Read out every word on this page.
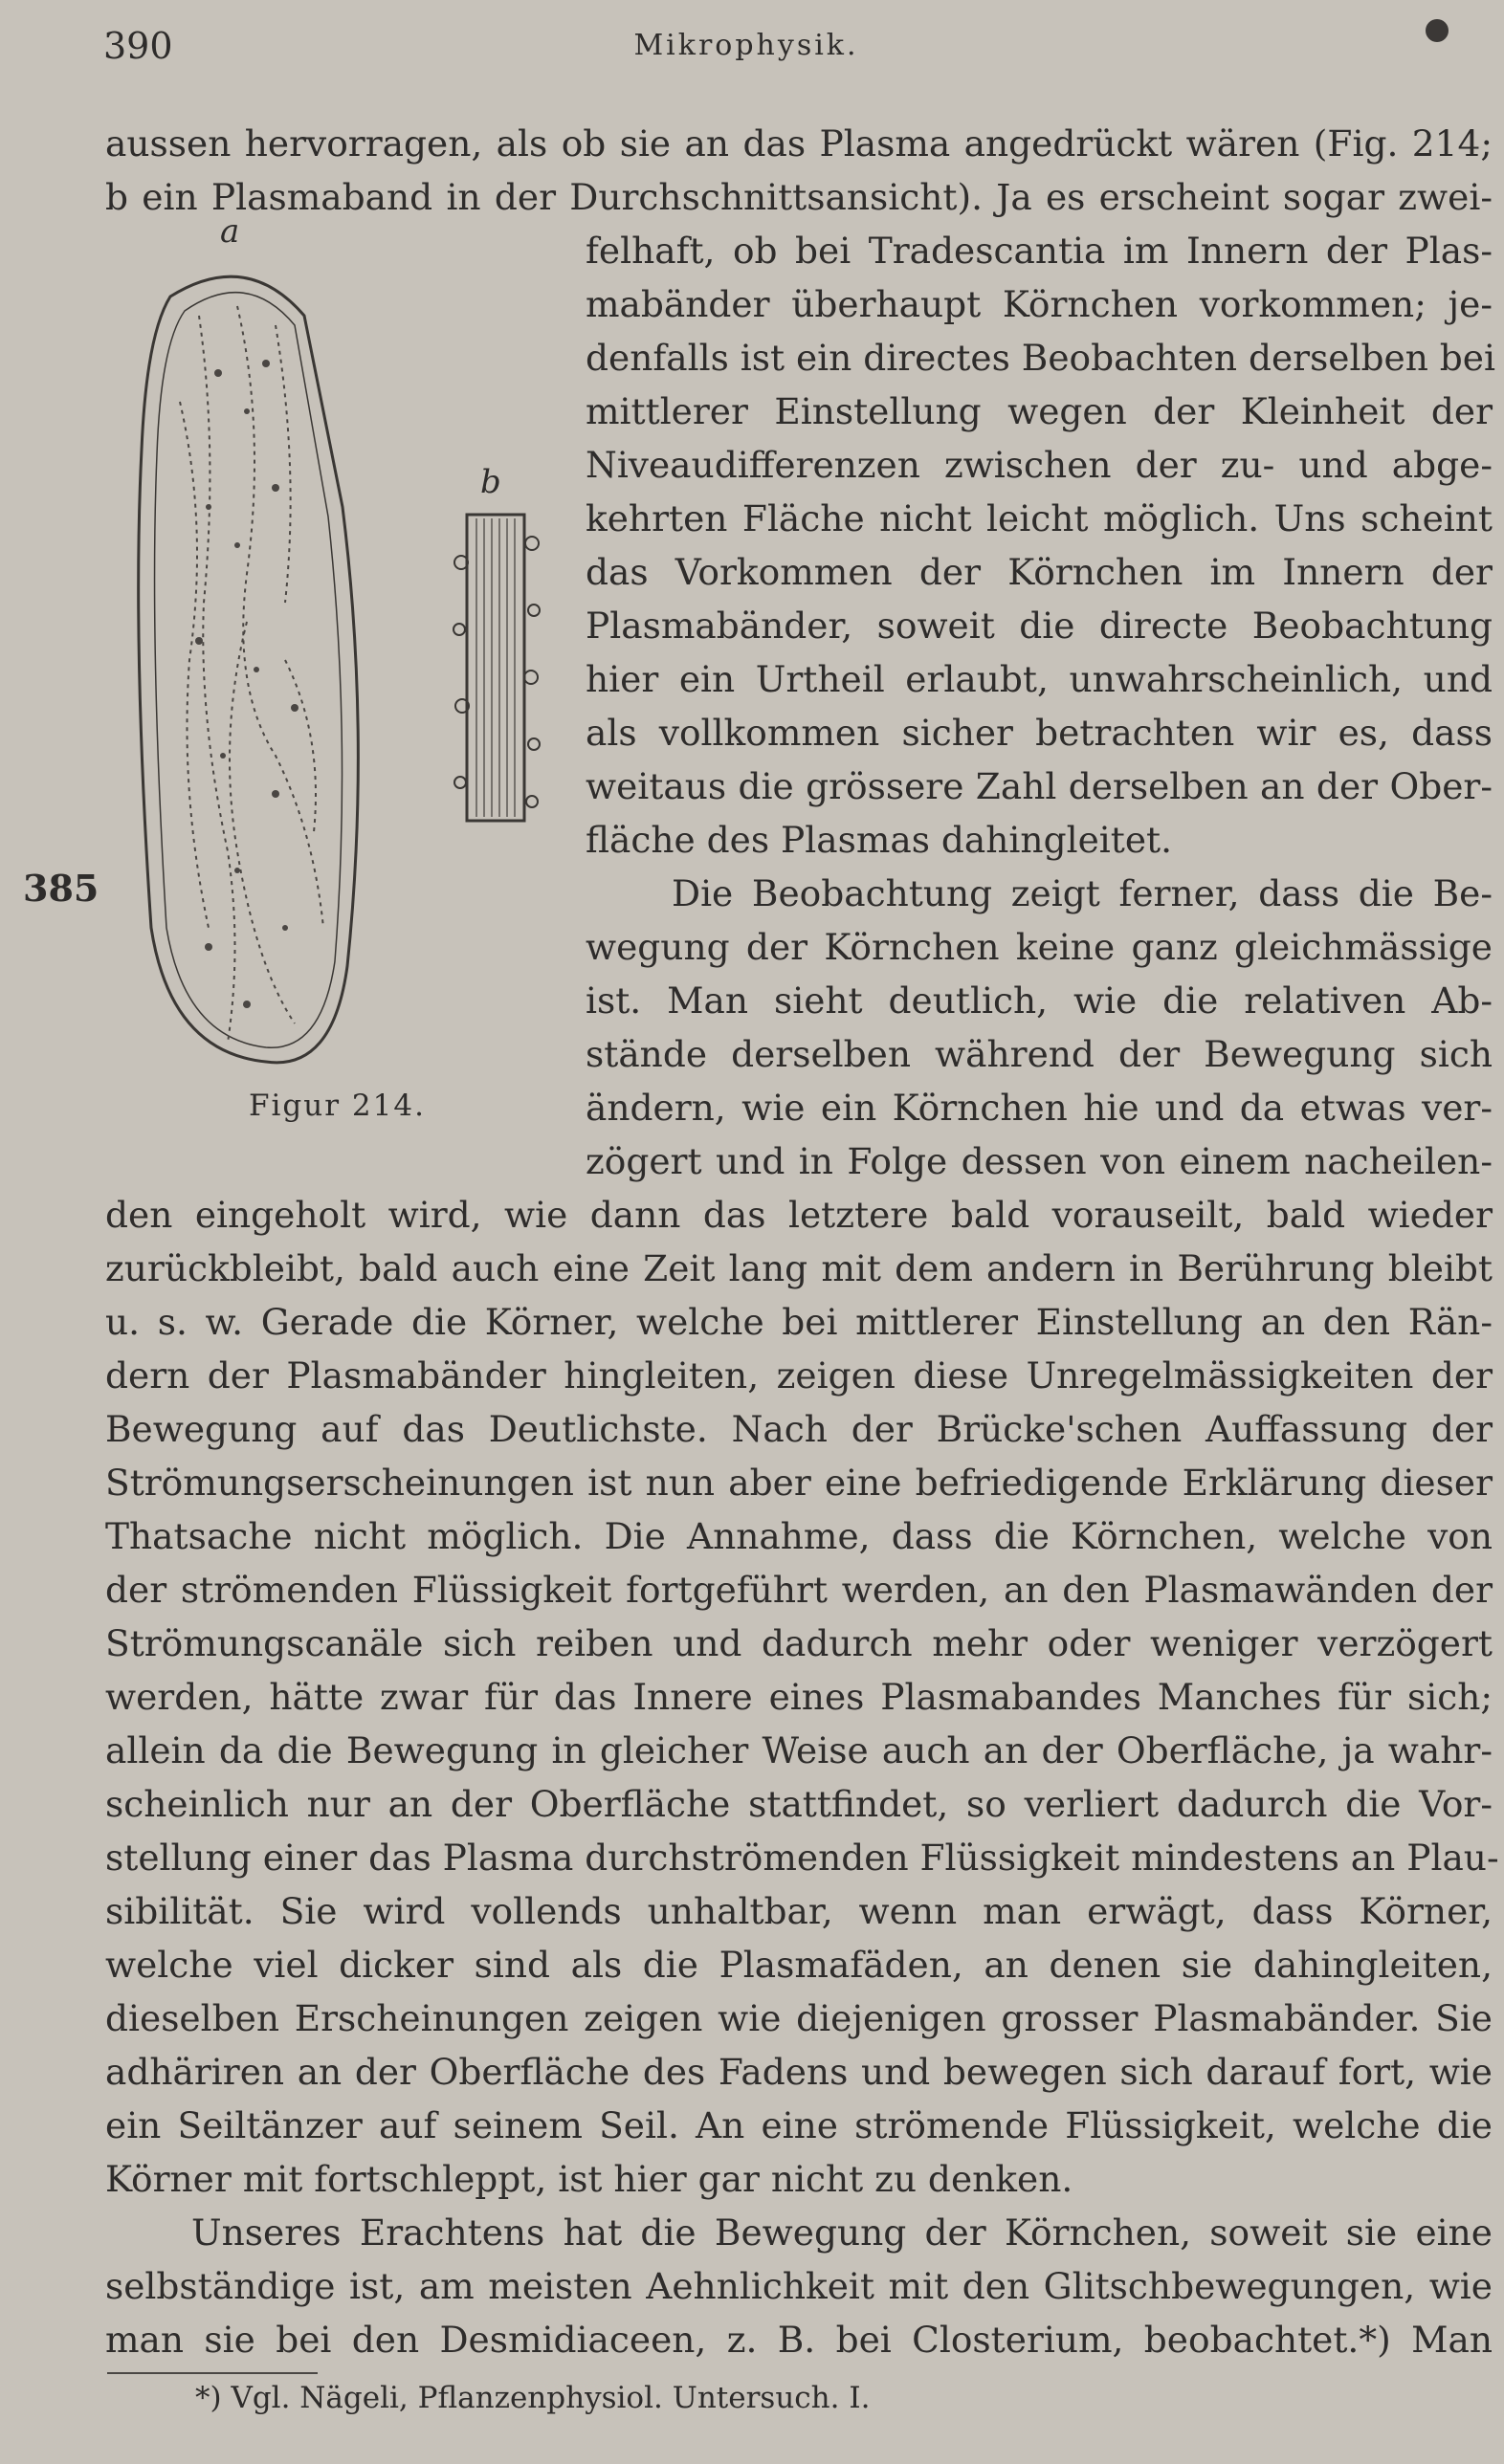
390	Mikrophysik.
385
a
b
Figur 214.
aussen hervorragen, als ob sie an das Plasma angedrückt wären (Fig. 214;
b ein Plasmaband in der Durchschnittsansicht). Ja es erscheint sogar zwei-
felhaft, ob bei Tradescantia im Innern der Plas-
mabänder überhaupt Körnchen vorkommen; je-
denfalls ist ein directes Beobachten derselben bei
mittlerer Einstellung wegen der Kleinheit der
Niveaudifferenzen zwischen der zu- und abge-
kehrten Fläche nicht leicht möglich. Uns scheint
das Vorkommen der Körnchen im Innern der
Plasmabänder, soweit die directe Beobachtung
hier ein Urtheil erlaubt, unwahrscheinlich, und
als vollkommen sicher betrachten wir es, dass
weitaus die grössere Zahl derselben an der Ober-
fläche des Plasmas dahingleitet.
Die Beobachtung zeigt ferner, dass die Be-
wegung der Körnchen keine ganz gleichmässige
ist. Man sieht deutlich, wie die relativen Ab-
stände derselben während der Bewegung sich
ändern, wie ein Körnchen hie und da etwas ver-
zögert und in Folge dessen von einem nacheilen-
den eingeholt wird, wie dann das letztere bald vorauseilt, bald wieder
zurückbleibt, bald auch eine Zeit lang mit dem andern in Berührung bleibt
u. s. w. Gerade die Körner, welche bei mittlerer Einstellung an den Rän-
dern der Plasmabänder hingleiten, zeigen diese Unregelmässigkeiten der
Bewegung auf das Deutlichste. Nach der Brücke'schen Auffassung der
Strömungserscheinungen ist nun aber eine befriedigende Erklärung dieser
Thatsache nicht möglich. Die Annahme, dass die Körnchen, welche von
der strömenden Flüssigkeit fortgeführt werden, an den Plasmawänden der
Strömungscanäle sich reiben und dadurch mehr oder weniger verzögert
werden, hätte zwar für das Innere eines Plasmabandes Manches für sich;
allein da die Bewegung in gleicher Weise auch an der Oberfläche, ja wahr-
scheinlich nur an der Oberfläche stattfindet, so verliert dadurch die Vor-
stellung einer das Plasma durchströmenden Flüssigkeit mindestens an Plau-
sibilität. Sie wird vollends unhaltbar, wenn man erwägt, dass Körner,
welche viel dicker sind als die Plasmafäden, an denen sie dahingleiten,
dieselben Erscheinungen zeigen wie diejenigen grosser Plasmabänder. Sie
adhäriren an der Oberfläche des Fadens und bewegen sich darauf fort, wie
ein Seiltänzer auf seinem Seil. An eine strömende Flüssigkeit, welche die
Körner mit fortschleppt, ist hier gar nicht zu denken.
Unseres Erachtens hat die Bewegung der Körnchen, soweit sie eine
selbständige ist, am meisten Aehnlichkeit mit den Glitschbewegungen, wie
man sie bei den Desmidiaceen, z. B. bei Closterium, beobachtet.*) Man
*) Vgl. Nägeli, Pflanzenphysiol. Untersuch. I.
